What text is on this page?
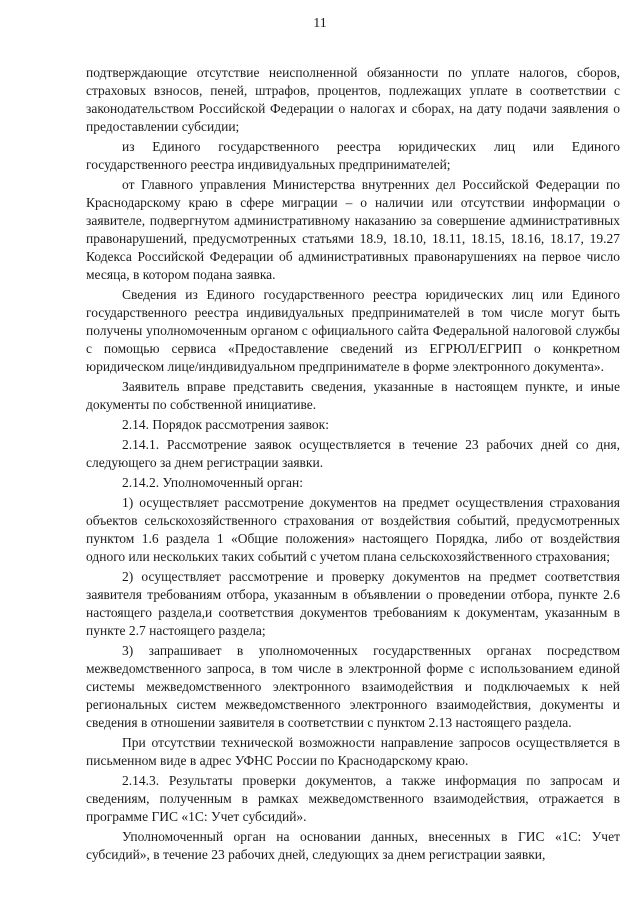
11

подтверждающие отсутствие неисполненной обязанности по уплате налогов, сборов, страховых взносов, пеней, штрафов, процентов, подлежащих уплате в соответствии с законодательством Российской Федерации о налогах и сборах, на дату подачи заявления о предоставлении субсидии;

из Единого государственного реестра юридических лиц или Единого государственного реестра индивидуальных предпринимателей;

от Главного управления Министерства внутренних дел Российской Федерации по Краснодарскому краю в сфере миграции – о наличии или отсутствии информации о заявителе, подвергнутом административному наказанию за совершение административных правонарушений, предусмотренных статьями 18.9, 18.10, 18.11, 18.15, 18.16, 18.17, 19.27 Кодекса Российской Федерации об административных правонарушениях на первое число месяца, в котором подана заявка.

Сведения из Единого государственного реестра юридических лиц или Единого государственного реестра индивидуальных предпринимателей в том числе могут быть получены уполномоченным органом с официального сайта Федеральной налоговой службы с помощью сервиса «Предоставление сведений из ЕГРЮЛ/ЕГРИП о конкретном юридическом лице/индивидуальном предпринимателе в форме электронного документа».

Заявитель вправе представить сведения, указанные в настоящем пункте, и иные документы по собственной инициативе.

2.14. Порядок рассмотрения заявок:

2.14.1. Рассмотрение заявок осуществляется в течение 23 рабочих дней со дня, следующего за днем регистрации заявки.

2.14.2. Уполномоченный орган:

1) осуществляет рассмотрение документов на предмет осуществления страхования объектов сельскохозяйственного страхования от воздействия событий, предусмотренных пунктом 1.6 раздела 1 «Общие положения» настоящего Порядка, либо от воздействия одного или нескольких таких событий с учетом плана сельскохозяйственного страхования;

2) осуществляет рассмотрение и проверку документов на предмет соответствия заявителя требованиям отбора, указанным в объявлении о проведении отбора, пункте 2.6 настоящего раздела,и соответствия документов требованиям к документам, указанным в пункте 2.7 настоящего раздела;

3) запрашивает в уполномоченных государственных органах посредством межведомственного запроса, в том числе в электронной форме с использованием единой системы межведомственного электронного взаимодействия и подключаемых к ней региональных систем межведомственного электронного взаимодействия, документы и сведения в отношении заявителя в соответствии с пунктом 2.13 настоящего раздела.

При отсутствии технической возможности направление запросов осуществляется в письменном виде в адрес УФНС России по Краснодарскому краю.

2.14.3. Результаты проверки документов, а также информация по запросам и сведениям, полученным в рамках межведомственного взаимодействия, отражается в программе ГИС «1С: Учет субсидий».

Уполномоченный орган на основании данных, внесенных в ГИС «1С: Учет субсидий», в течение 23 рабочих дней, следующих за днем регистрации заявки,
